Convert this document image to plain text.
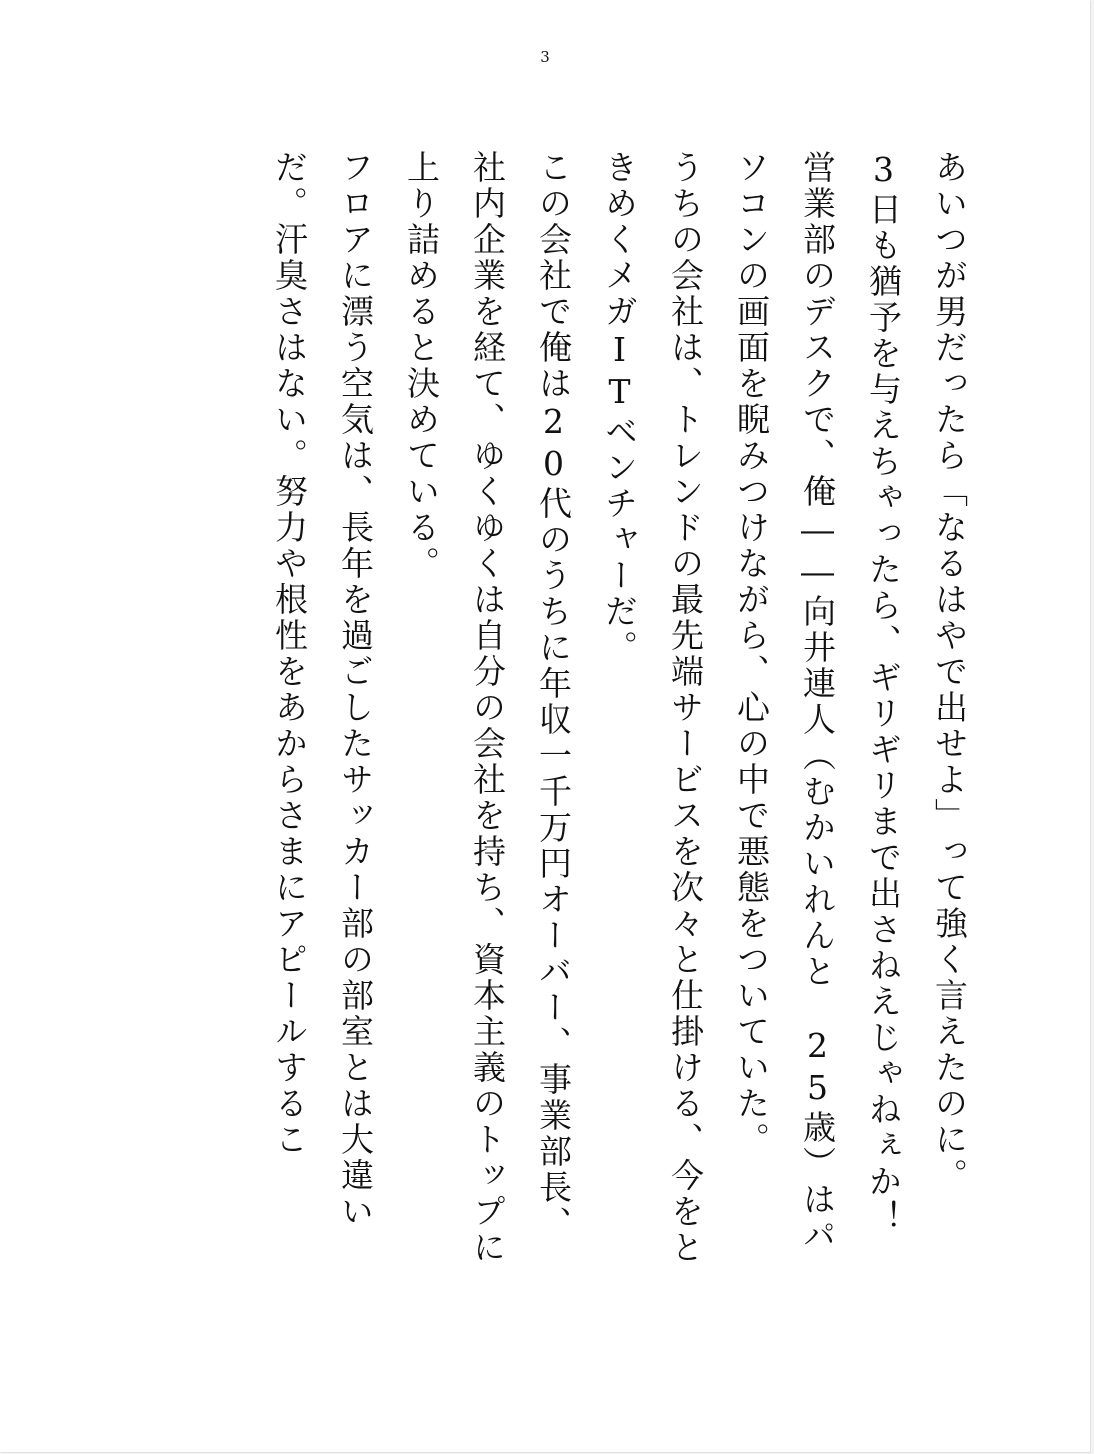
3

あいつが男だったら「なるはやで出せよ」って強く言えたのに。

3日も猶予を与えちゃったら、ギリギリまで出さねえじゃねぇか！

営業部のデスクで、俺――向井連人（むかいれんと　25歳）はパソコンの画面を睨みつけながら、心の中で悪態をついていた。

うちの会社は、トレンドの最先端サービスを次々と仕掛ける、今をときめくメガITベンチャーだ。

この会社で俺は20代のうちに年収一千万円オーバー、事業部長、社内企業を経て、ゆくゆくは自分の会社を持ち、資本主義のトップに上り詰めると決めている。

フロアに漂う空気は、長年を過ごしたサッカー部の部室とは大違いだ。汗臭さはない。努力や根性をあからさまにアピールするこ
